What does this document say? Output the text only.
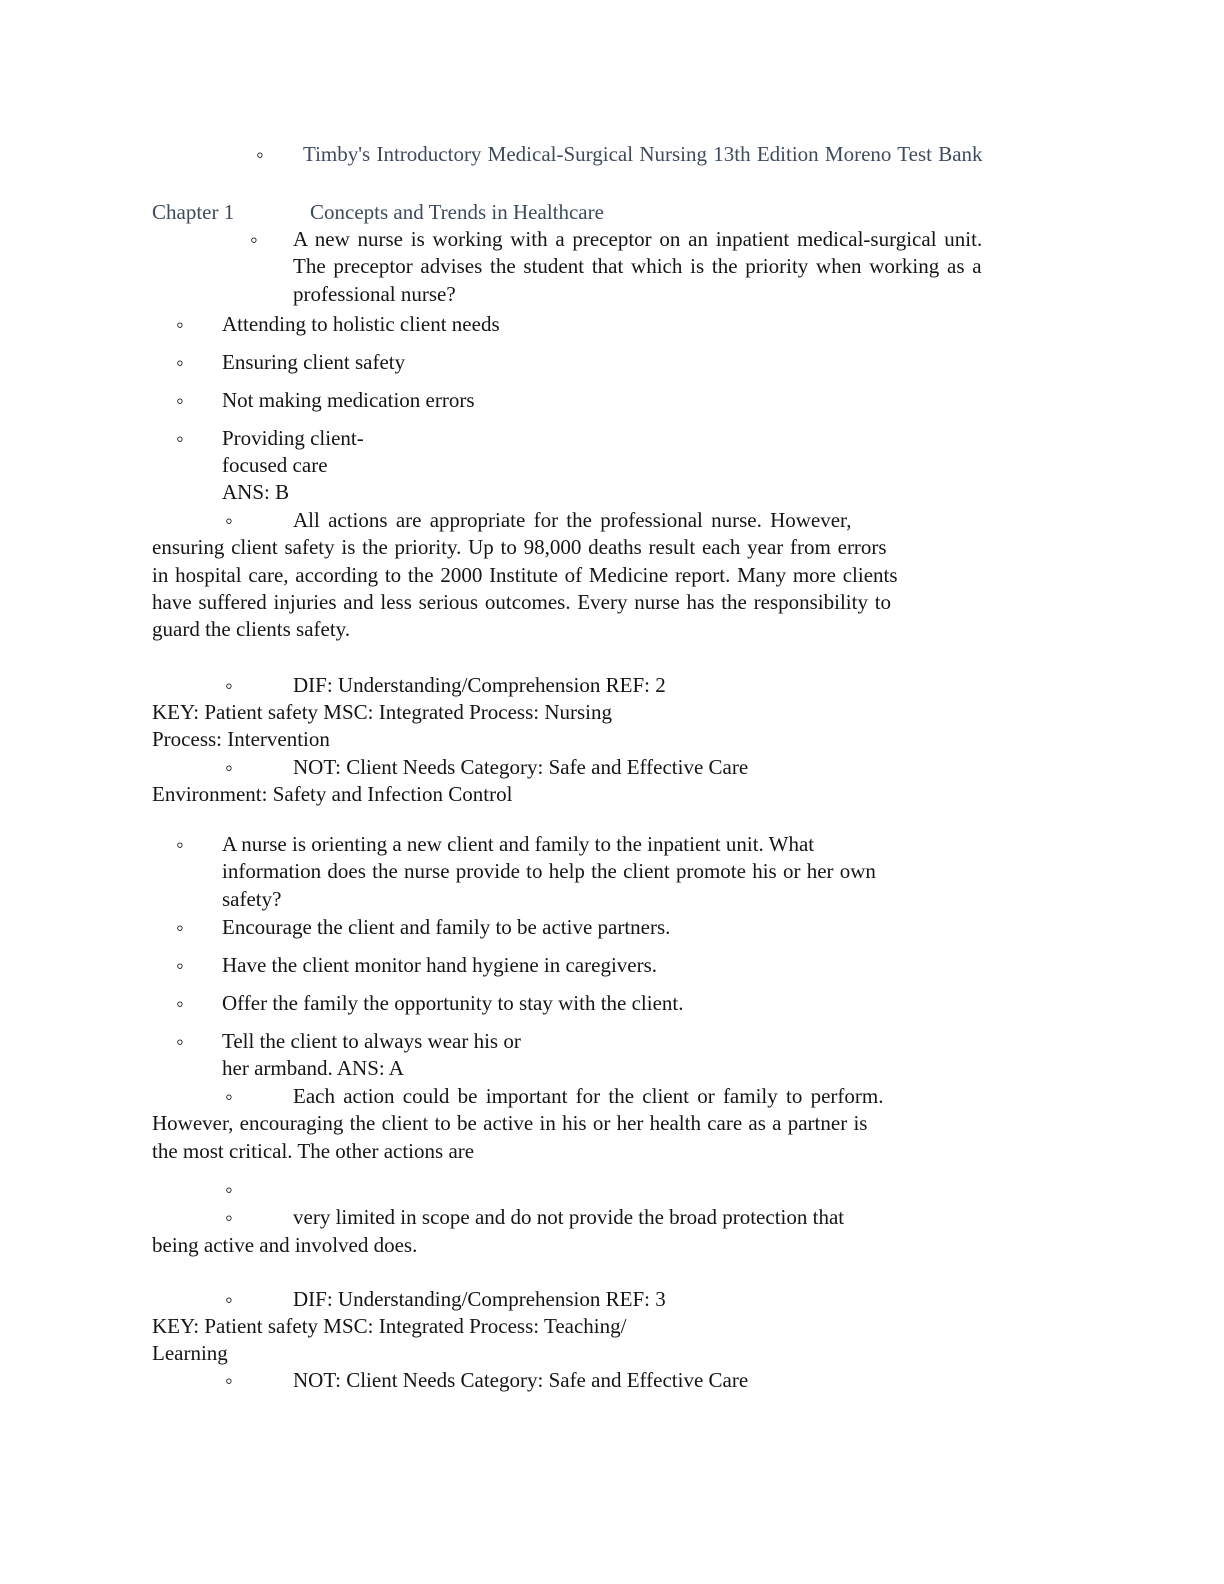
◦ Timby's Introductory Medical-Surgical Nursing 13th Edition Moreno Test Bank
Chapter 1	Concepts and Trends in Healthcare
◦ A new nurse is working with a preceptor on an inpatient medical-surgical unit.
The preceptor advises the student that which is the priority when working as a
professional nurse?
◦ Attending to holistic client needs
◦ Ensuring client safety
◦ Not making medication errors
◦ Providing client-
focused care
ANS: B
◦	All actions are appropriate for the professional nurse. However,
ensuring client safety is the priority. Up to 98,000 deaths result each year from errors
in hospital care, according to the 2000 Institute of Medicine report. Many more clients
have suffered injuries and less serious outcomes. Every nurse has the responsibility to
guard the clients safety.
◦	DIF: Understanding/Comprehension REF: 2
KEY: Patient safety MSC: Integrated Process: Nursing
Process: Intervention
◦	NOT: Client Needs Category: Safe and Effective Care
Environment: Safety and Infection Control
◦ A nurse is orienting a new client and family to the inpatient unit. What
information does the nurse provide to help the client promote his or her own
safety?
◦ Encourage the client and family to be active partners.
◦ Have the client monitor hand hygiene in caregivers.
◦ Offer the family the opportunity to stay with the client.
◦ Tell the client to always wear his or
her armband. ANS: A
◦	Each action could be important for the client or family to perform.
However, encouraging the client to be active in his or her health care as a partner is
the most critical. The other actions are
◦
◦	very limited in scope and do not provide the broad protection that
being active and involved does.
◦	DIF: Understanding/Comprehension REF: 3
KEY: Patient safety MSC: Integrated Process: Teaching/
Learning
◦	NOT: Client Needs Category: Safe and Effective Care
